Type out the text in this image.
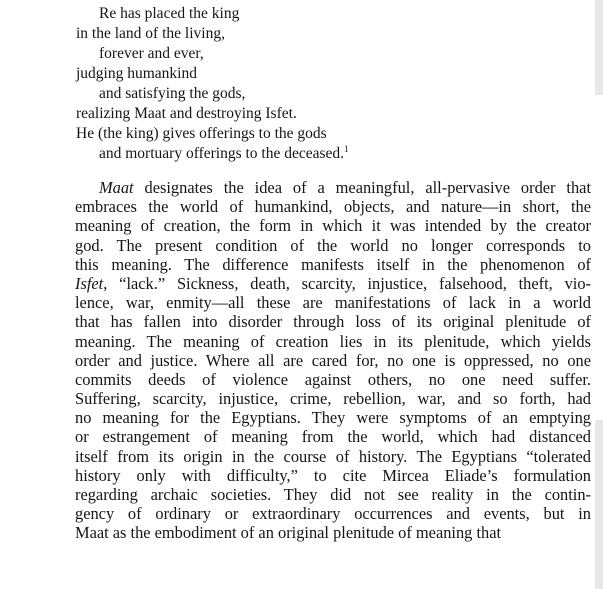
Re has placed the king
in the land of the living,
forever and ever,
judging humankind
and satisfying the gods,
realizing Maat and destroying Isfet.
He (the king) gives offerings to the gods
and mortuary offerings to the deceased.$^1$
Maat designates the idea of a meaningful, all-pervasive order that
embraces the world of humankind, objects, and nature—in short, the
meaning of creation, the form in which it was intended by the creator
god. The present condition of the world no longer corresponds to
this meaning. The difference manifests itself in the phenomenon of
Isfet, “lack.” Sickness, death, scarcity, injustice, falsehood, theft, vio-
lence, war, enmity—all these are manifestations of lack in a world
that has fallen into disorder through loss of its original plenitude of
meaning. The meaning of creation lies in its plenitude, which yields
order and justice. Where all are cared for, no one is oppressed, no one
commits deeds of violence against others, no one need suffer.
Suffering, scarcity, injustice, crime, rebellion, war, and so forth, had
no meaning for the Egyptians. They were symptoms of an emptying
or estrangement of meaning from the world, which had distanced
itself from its origin in the course of history. The Egyptians “tolerated
history only with difficulty,” to cite Mircea Eliade’s formulation
regarding archaic societies. They did not see reality in the contin-
gency of ordinary or extraordinary occurrences and events, but in
Maat as the embodiment of an original plenitude of meaning that
